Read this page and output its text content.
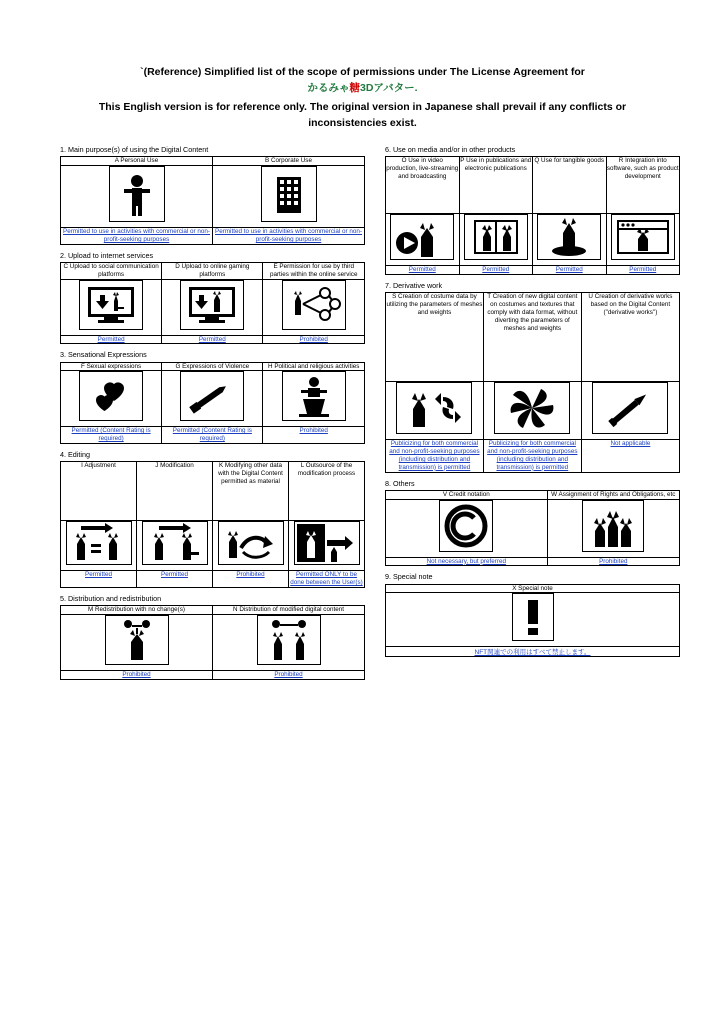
`(Reference) Simplified list of the scope of permissions under The License Agreement for
かるみゃ糖3Dアバター.
This English version is for reference only. The original version in Japanese shall prevail if any conflicts or inconsistencies exist.
1. Main purpose(s) of using the Digital Content
A Personal Use	B Corporate Use

Permitted to use in activities with commercial or non-profit-seeking purposes	Permitted to use in activities with commercial or non-profit-seeking purposes
2. Upload to internet services
C Upload to social communication platforms	D Upload to online gaming platforms	E Permission for use by third parties within the online service

Permitted	Permitted	Prohibited
3. Sensational Expressions
F Sexual expressions	G Expressions of Violence	H Political and religious activities

Permitted (Content Rating is required)	Permitted (Content Rating is required)	Prohibited
4. Editing
I Adjustment	J Modification	K Modifying other data with the Digital Content permitted as material	L Outsource of the modification process

Permitted	Permitted	Prohibited	Permitted ONLY to be done between the User(s)
5. Distribution and redistribution
M Redistribution with no change(s)	N Distribution of modified digital content

Prohibited	Prohibited
6. Use on media and/or in other products
O Use in video production, live-streaming and broadcasting	P Use in publications and electronic publications	Q Use for tangible goods	R Integration into software, such as product development

Permitted	Permitted	Permitted	Permitted
7. Derivative work
S Creation of costume data by utilizing the parameters of meshes and weights	T Creation of new digital content on costumes and textures that comply with data format, without diverting the parameters of meshes and weights	U Creation of derivative works based on the Digital Content ("derivative works")

Publicizing for both commercial and non-profit-seeking purposes (including distribution and transmission) is permitted	Publicizing for both commercial and non-profit-seeking purposes (including distribution and transmission) is permitted	Not applicable
8. Others
V Credit notation	W Assignment of Rights and Obligations, etc

Not necessary, but preferred	Prohibited
9. Special note
X Special note

NFT関連での利用はすべて禁止します。
